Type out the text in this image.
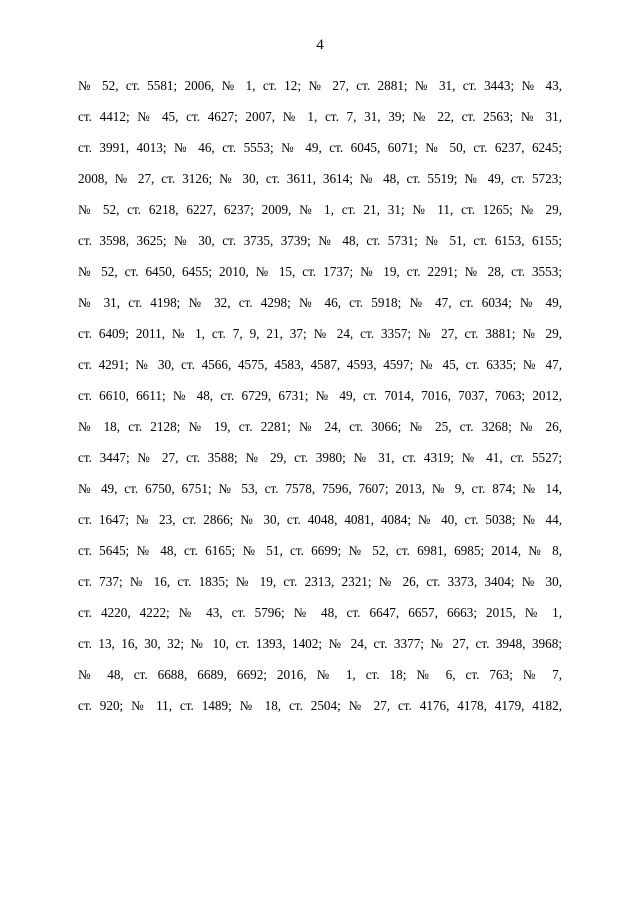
4
№ 52, ст. 5581; 2006, № 1, ст. 12; № 27, ст. 2881; № 31, ст. 3443; № 43,
ст. 4412; № 45, ст. 4627; 2007, № 1, ст. 7, 31, 39; № 22, ст. 2563; № 31,
ст. 3991, 4013; № 46, ст. 5553; № 49, ст. 6045, 6071; № 50, ст. 6237, 6245;
2008, № 27, ст. 3126; № 30, ст. 3611, 3614; № 48, ст. 5519; № 49, ст. 5723;
№ 52, ст. 6218, 6227, 6237; 2009, № 1, ст. 21, 31; № 11, ст. 1265; № 29,
ст. 3598, 3625; № 30, ст. 3735, 3739; № 48, ст. 5731; № 51, ст. 6153, 6155;
№ 52, ст. 6450, 6455; 2010, № 15, ст. 1737; № 19, ст. 2291; № 28, ст. 3553;
№ 31, ст. 4198; № 32, ст. 4298; № 46, ст. 5918; № 47, ст. 6034; № 49,
ст. 6409; 2011, № 1, ст. 7, 9, 21, 37; № 24, ст. 3357; № 27, ст. 3881; № 29,
ст. 4291; № 30, ст. 4566, 4575, 4583, 4587, 4593, 4597; № 45, ст. 6335; № 47,
ст. 6610, 6611; № 48, ст. 6729, 6731; № 49, ст. 7014, 7016, 7037, 7063; 2012,
№ 18, ст. 2128; № 19, ст. 2281; № 24, ст. 3066; № 25, ст. 3268; № 26,
ст. 3447; № 27, ст. 3588; № 29, ст. 3980; № 31, ст. 4319; № 41, ст. 5527;
№ 49, ст. 6750, 6751; № 53, ст. 7578, 7596, 7607; 2013, № 9, ст. 874; № 14,
ст. 1647; № 23, ст. 2866; № 30, ст. 4048, 4081, 4084; № 40, ст. 5038; № 44,
ст. 5645; № 48, ст. 6165; № 51, ст. 6699; № 52, ст. 6981, 6985; 2014, № 8,
ст. 737; № 16, ст. 1835; № 19, ст. 2313, 2321; № 26, ст. 3373, 3404; № 30,
ст. 4220, 4222; № 43, ст. 5796; № 48, ст. 6647, 6657, 6663; 2015, № 1,
ст. 13, 16, 30, 32; № 10, ст. 1393, 1402; № 24, ст. 3377; № 27, ст. 3948, 3968;
№ 48, ст. 6688, 6689, 6692; 2016, № 1, ст. 18; № 6, ст. 763; № 7,
ст. 920; № 11, ст. 1489; № 18, ст. 2504; № 27, ст. 4176, 4178, 4179, 4182,
